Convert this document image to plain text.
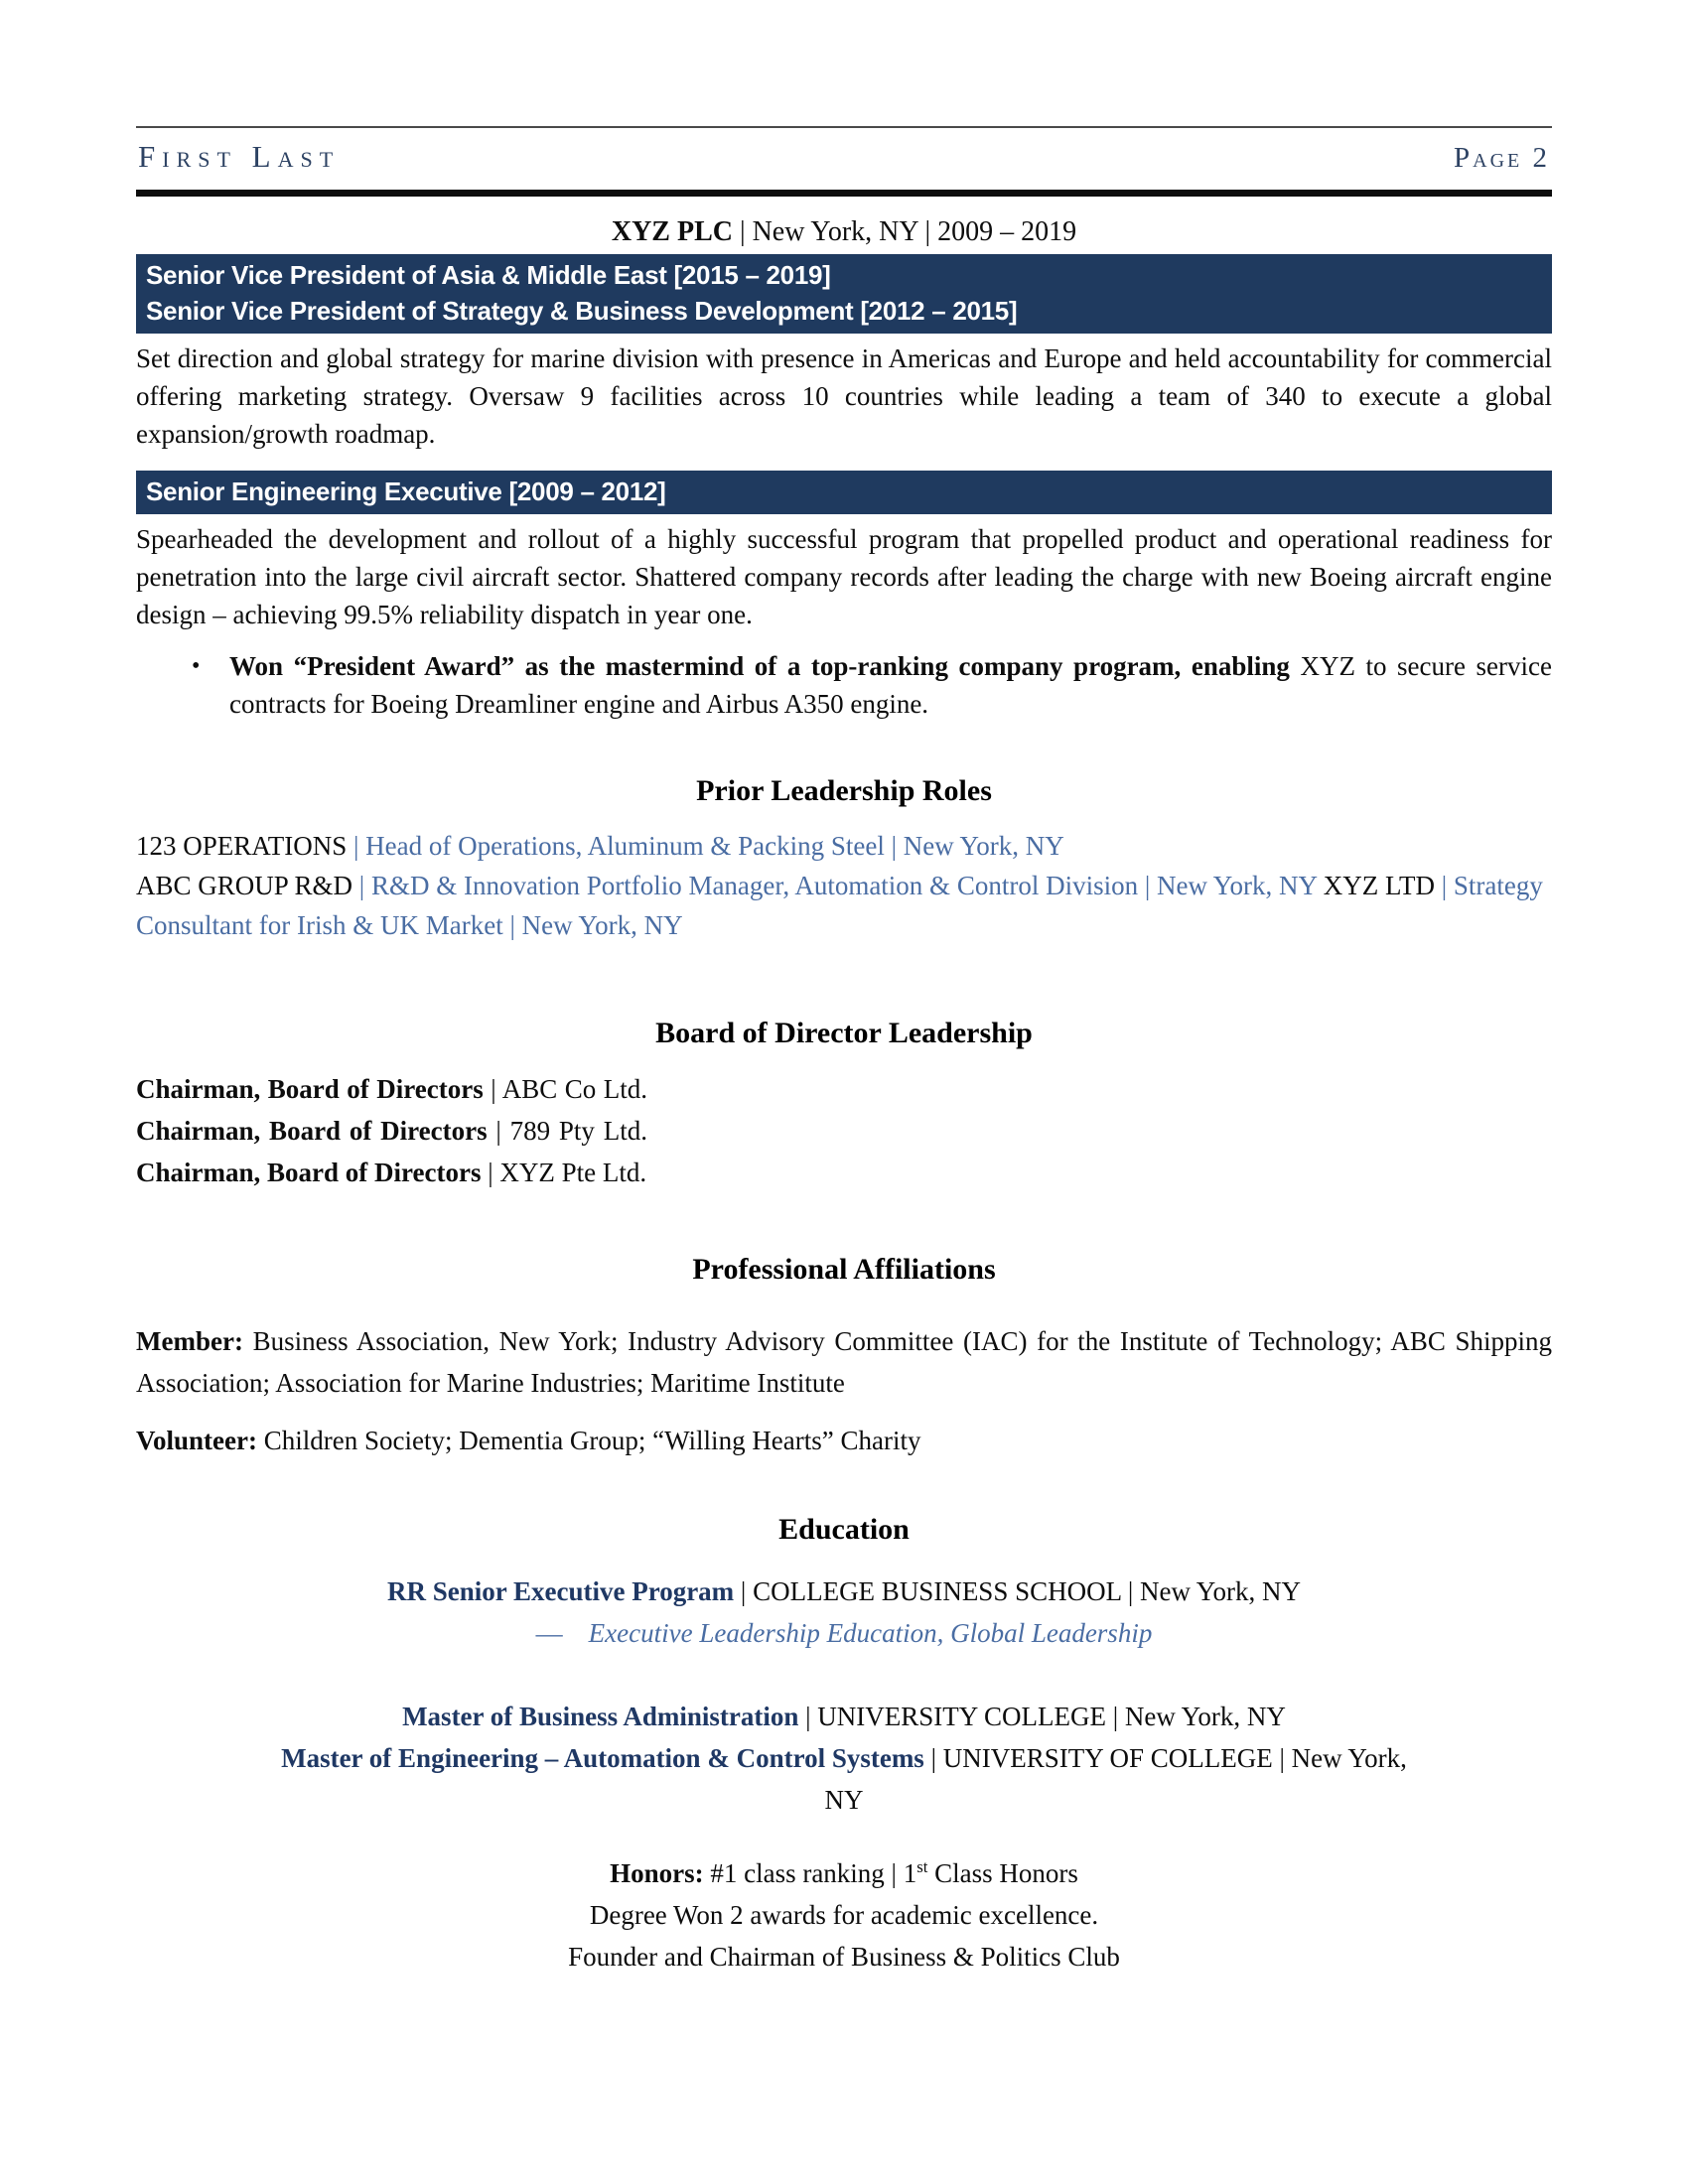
First Last	Page 2
XYZ PLC | New York, NY | 2009 – 2019
Senior Vice President of Asia & Middle East [2015 – 2019]
Senior Vice President of Strategy & Business Development [2012 – 2015]

Set direction and global strategy for marine division with presence in Americas and Europe and held accountability for commercial offering marketing strategy. Oversaw 9 facilities across 10 countries while leading a team of 340 to execute a global expansion/growth roadmap.

Senior Engineering Executive [2009 – 2012]

Spearheaded the development and rollout of a highly successful program that propelled product and operational readiness for penetration into the large civil aircraft sector. Shattered company records after leading the charge with new Boeing aircraft engine design – achieving 99.5% reliability dispatch in year one.

•	Won “President Award” as the mastermind of a top-ranking company program, enabling XYZ to secure service contracts for Boeing Dreamliner engine and Airbus A350 engine.
Prior Leadership Roles

123 OPERATIONS | Head of Operations, Aluminum & Packing Steel | New York, NY

ABC GROUP R&D | R&D & Innovation Portfolio Manager, Automation & Control Division | New York, NY XYZ LTD | Strategy Consultant for Irish & UK Market | New York, NY

Board of Director Leadership

Chairman, Board of Directors | ABC Co Ltd. Chairman, Board of Directors | 789 Pty Ltd. Chairman, Board of Directors | XYZ Pte Ltd.

Professional Affiliations

Member: Business Association, New York; Industry Advisory Committee (IAC) for the Institute of Technology; ABC Shipping Association; Association for Marine Industries; Maritime Institute

Volunteer: Children Society; Dementia Group; “Willing Hearts” Charity

Education
RR Senior Executive Program | COLLEGE BUSINESS SCHOOL | New York, NY
— Executive Leadership Education, Global Leadership
Master of Business Administration | UNIVERSITY COLLEGE | New York, NY
Master of Engineering – Automation & Control Systems | UNIVERSITY OF COLLEGE | New York, NY
Honors: #1 class ranking | 1st Class Honors
Degree Won 2 awards for academic excellence.
Founder and Chairman of Business & Politics Club
